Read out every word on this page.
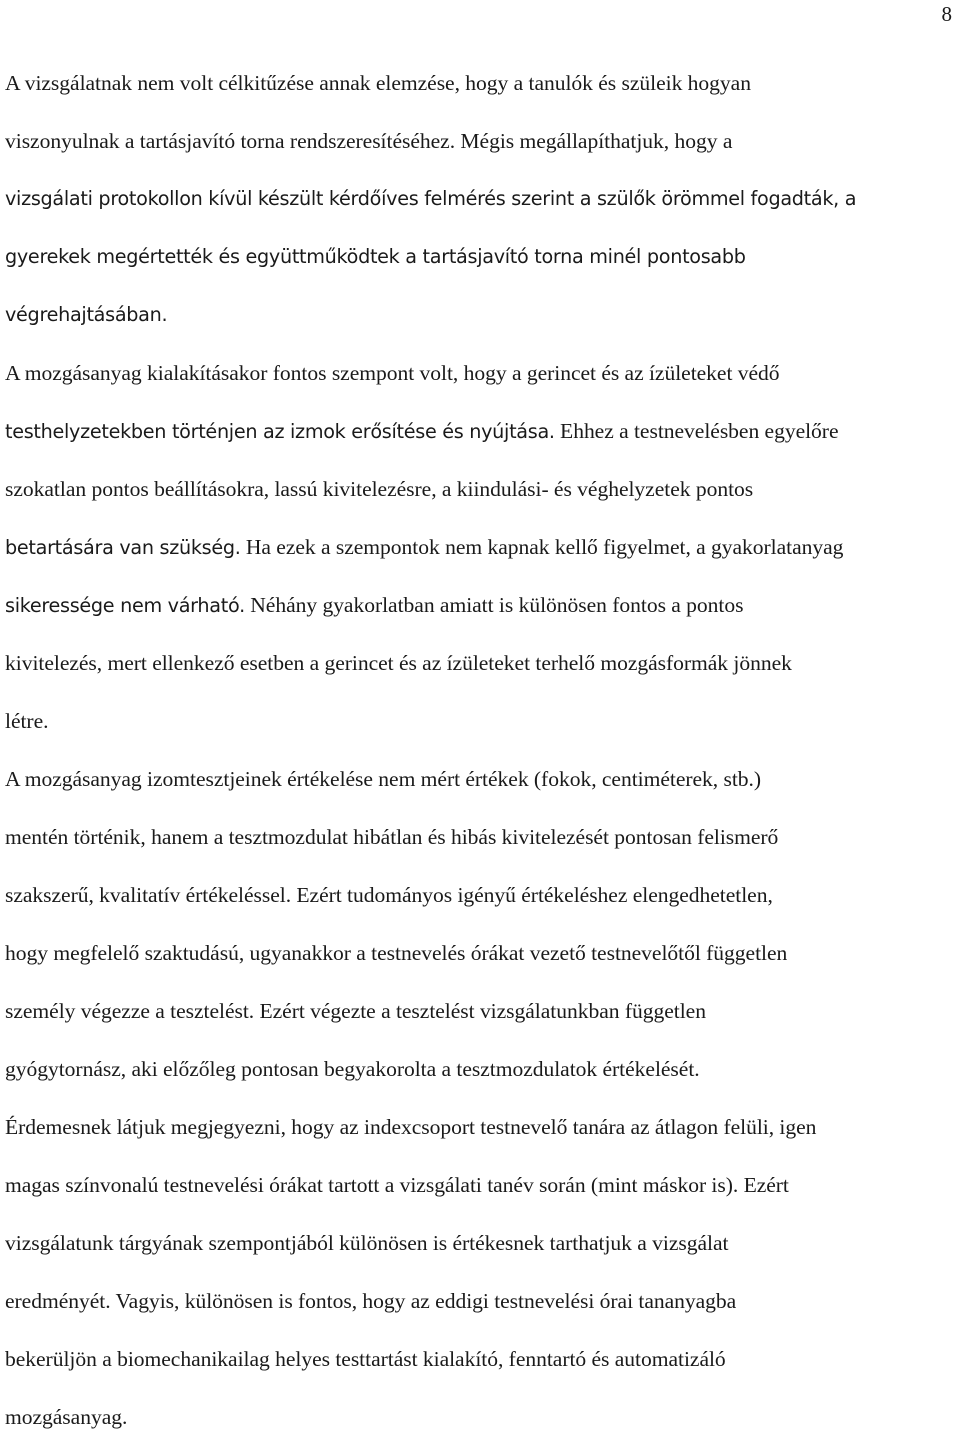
8
A vizsgálatnak nem volt célkitűzése annak elemzése, hogy a tanulók és szüleik hogyan
viszonyulnak a tartásjavító torna rendszeresítéséhez. Mégis megállapíthatjuk, hogy a
vizsgálati protokollon kívül készült kérdőíves felmérés szerint a szülők örömmel fogadták, a
gyerekek megértették és együttműködtek a tartásjavító torna minél pontosabb
végrehajtásában.
A mozgásanyag kialakításakor fontos szempont volt, hogy a gerincet és az ízületeket védő
testhelyzetekben történjen az izmok erősítése és nyújtása. Ehhez a testnevelésben egyelőre
szokatlan pontos beállításokra, lassú kivitelezésre, a kiindulási- és véghelyzetek pontos
betartására van szükség. Ha ezek a szempontok nem kapnak kellő figyelmet, a gyakorlatanyag
sikeressége nem várható. Néhány gyakorlatban amiatt is különösen fontos a pontos
kivitelezés, mert ellenkező esetben a gerincet és az ízületeket terhelő mozgásformák jönnek
létre.
A mozgásanyag izomtesztjeinek értékelése nem mért értékek (fokok, centiméterek, stb.)
mentén történik, hanem a tesztmozdulat hibátlan és hibás kivitelezését pontosan felismerő
szakszerű, kvalitatív értékeléssel. Ezért tudományos igényű értékeléshez elengedhetetlen,
hogy megfelelő szaktudású, ugyanakkor a testnevelés órákat vezető testnevelőtől független
személy végezze a tesztelést. Ezért végezte a tesztelést vizsgálatunkban független
gyógytornász, aki előzőleg pontosan begyakorolta a tesztmozdulatok értékelését.
Érdemesnek látjuk megjegyezni, hogy az indexcsoport testnevelő tanára az átlagon felüli, igen
magas színvonalú testnevelési órákat tartott a vizsgálati tanév során (mint máskor is). Ezért
vizsgálatunk tárgyának szempontjából különösen is értékesnek tarthatjuk a vizsgálat
eredményét. Vagyis, különösen is fontos, hogy az eddigi testnevelési órai tananyagba
bekerüljön a biomechanikailag helyes testtartást kialakító, fenntartó és automatizáló
mozgásanyag.
